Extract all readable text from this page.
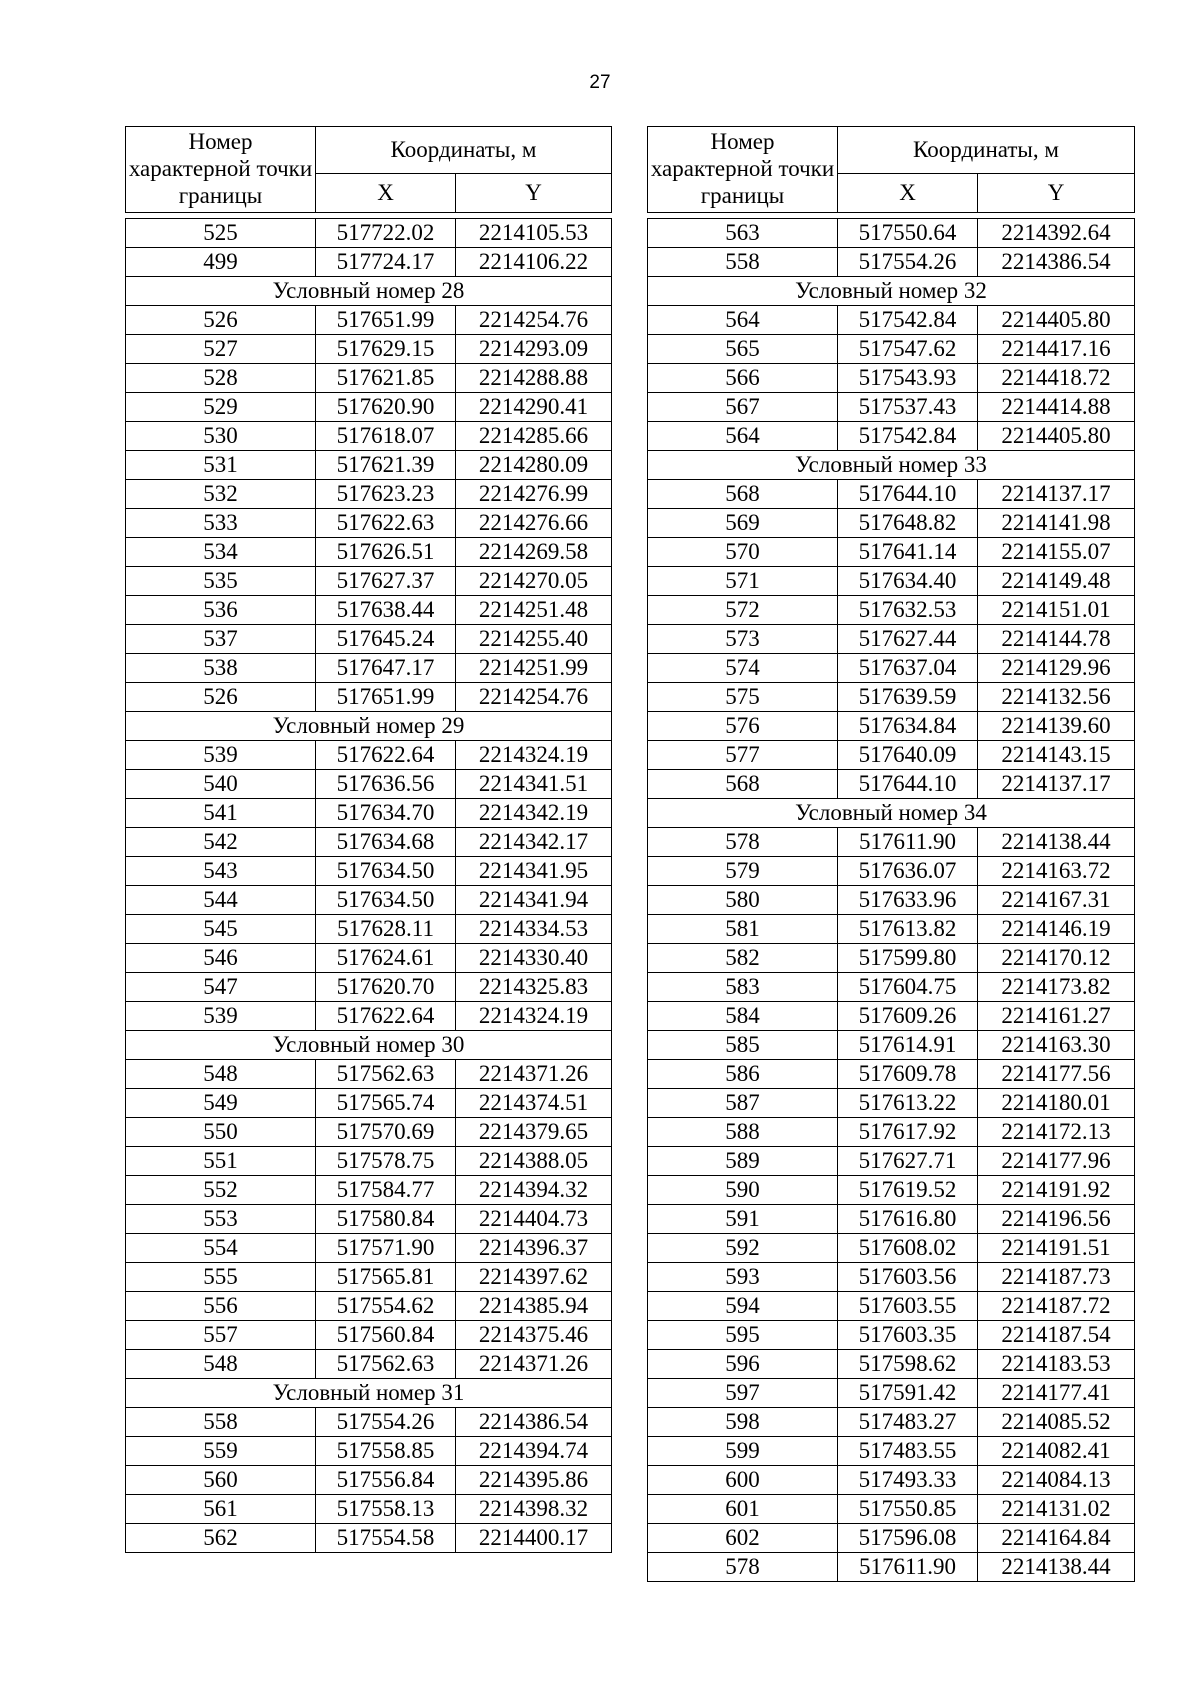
27
Номер характерной точки границы	Координаты, м	
	X	Y

525	517722.02	2214105.53
499	517724.17	2214106.22
Условный номер 28		
526	517651.99	2214254.76
527	517629.15	2214293.09
528	517621.85	2214288.88
529	517620.90	2214290.41
530	517618.07	2214285.66
531	517621.39	2214280.09
532	517623.23	2214276.99
533	517622.63	2214276.66
534	517626.51	2214269.58
535	517627.37	2214270.05
536	517638.44	2214251.48
537	517645.24	2214255.40
538	517647.17	2214251.99
526	517651.99	2214254.76
Условный номер 29		
539	517622.64	2214324.19
540	517636.56	2214341.51
541	517634.70	2214342.19
542	517634.68	2214342.17
543	517634.50	2214341.95
544	517634.50	2214341.94
545	517628.11	2214334.53
546	517624.61	2214330.40
547	517620.70	2214325.83
539	517622.64	2214324.19
Условный номер 30		
548	517562.63	2214371.26
549	517565.74	2214374.51
550	517570.69	2214379.65
551	517578.75	2214388.05
552	517584.77	2214394.32
553	517580.84	2214404.73
554	517571.90	2214396.37
555	517565.81	2214397.62
556	517554.62	2214385.94
557	517560.84	2214375.46
548	517562.63	2214371.26
Условный номер 31		
558	517554.26	2214386.54
559	517558.85	2214394.74
560	517556.84	2214395.86
561	517558.13	2214398.32
562	517554.58	2214400.17
Номер характерной точки границы	Координаты, м	
	X	Y

563	517550.64	2214392.64
558	517554.26	2214386.54
Условный номер 32		
564	517542.84	2214405.80
565	517547.62	2214417.16
566	517543.93	2214418.72
567	517537.43	2214414.88
564	517542.84	2214405.80
Условный номер 33		
568	517644.10	2214137.17
569	517648.82	2214141.98
570	517641.14	2214155.07
571	517634.40	2214149.48
572	517632.53	2214151.01
573	517627.44	2214144.78
574	517637.04	2214129.96
575	517639.59	2214132.56
576	517634.84	2214139.60
577	517640.09	2214143.15
568	517644.10	2214137.17
Условный номер 34		
578	517611.90	2214138.44
579	517636.07	2214163.72
580	517633.96	2214167.31
581	517613.82	2214146.19
582	517599.80	2214170.12
583	517604.75	2214173.82
584	517609.26	2214161.27
585	517614.91	2214163.30
586	517609.78	2214177.56
587	517613.22	2214180.01
588	517617.92	2214172.13
589	517627.71	2214177.96
590	517619.52	2214191.92
591	517616.80	2214196.56
592	517608.02	2214191.51
593	517603.56	2214187.73
594	517603.55	2214187.72
595	517603.35	2214187.54
596	517598.62	2214183.53
597	517591.42	2214177.41
598	517483.27	2214085.52
599	517483.55	2214082.41
600	517493.33	2214084.13
601	517550.85	2214131.02
602	517596.08	2214164.84
578	517611.90	2214138.44
